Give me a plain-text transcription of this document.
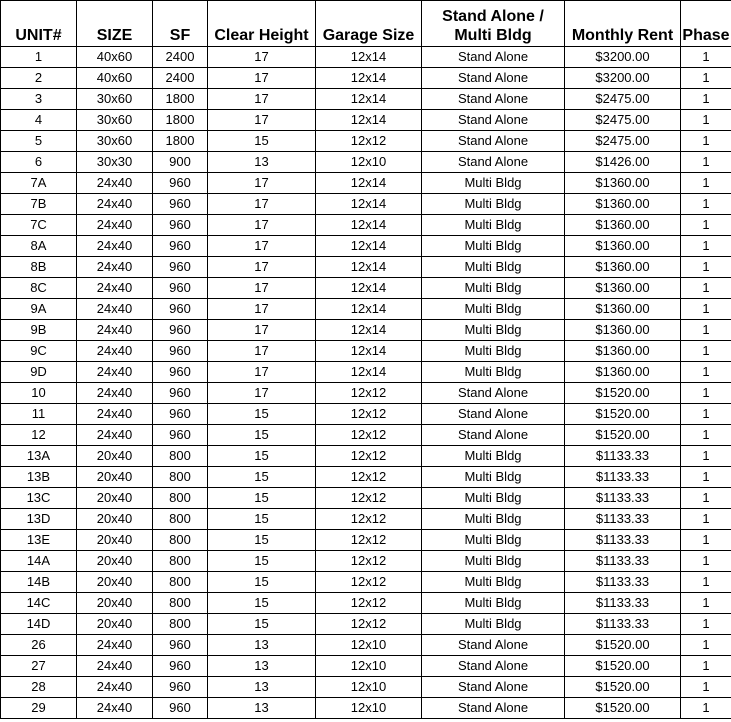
UNIT#	SIZE	SF	Clear Height	Garage Size	Stand Alone /
Multi Bldg	Monthly Rent	Phase
1	40x60	2400	17	12x14	Stand Alone	$3200.00	1
2	40x60	2400	17	12x14	Stand Alone	$3200.00	1
3	30x60	1800	17	12x14	Stand Alone	$2475.00	1
4	30x60	1800	17	12x14	Stand Alone	$2475.00	1
5	30x60	1800	15	12x12	Stand Alone	$2475.00	1
6	30x30	900	13	12x10	Stand Alone	$1426.00	1
7A	24x40	960	17	12x14	Multi Bldg	$1360.00	1
7B	24x40	960	17	12x14	Multi Bldg	$1360.00	1
7C	24x40	960	17	12x14	Multi Bldg	$1360.00	1
8A	24x40	960	17	12x14	Multi Bldg	$1360.00	1
8B	24x40	960	17	12x14	Multi Bldg	$1360.00	1
8C	24x40	960	17	12x14	Multi Bldg	$1360.00	1
9A	24x40	960	17	12x14	Multi Bldg	$1360.00	1
9B	24x40	960	17	12x14	Multi Bldg	$1360.00	1
9C	24x40	960	17	12x14	Multi Bldg	$1360.00	1
9D	24x40	960	17	12x14	Multi Bldg	$1360.00	1
10	24x40	960	17	12x12	Stand Alone	$1520.00	1
11	24x40	960	15	12x12	Stand Alone	$1520.00	1
12	24x40	960	15	12x12	Stand Alone	$1520.00	1
13A	20x40	800	15	12x12	Multi Bldg	$1133.33	1
13B	20x40	800	15	12x12	Multi Bldg	$1133.33	1
13C	20x40	800	15	12x12	Multi Bldg	$1133.33	1
13D	20x40	800	15	12x12	Multi Bldg	$1133.33	1
13E	20x40	800	15	12x12	Multi Bldg	$1133.33	1
14A	20x40	800	15	12x12	Multi Bldg	$1133.33	1
14B	20x40	800	15	12x12	Multi Bldg	$1133.33	1
14C	20x40	800	15	12x12	Multi Bldg	$1133.33	1
14D	20x40	800	15	12x12	Multi Bldg	$1133.33	1
26	24x40	960	13	12x10	Stand Alone	$1520.00	1
27	24x40	960	13	12x10	Stand Alone	$1520.00	1
28	24x40	960	13	12x10	Stand Alone	$1520.00	1
29	24x40	960	13	12x10	Stand Alone	$1520.00	1
